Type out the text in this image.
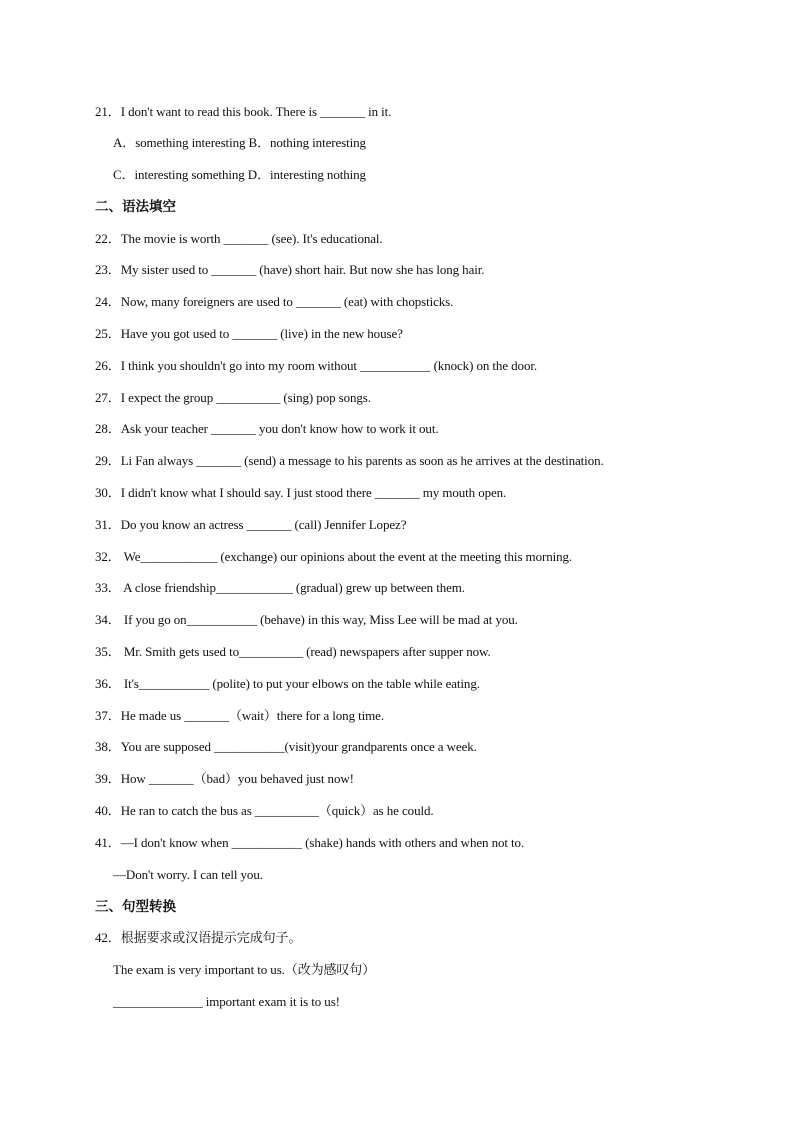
21．I don't want to read this book. There is _______ in it.
A．something interesting B．nothing interesting
C．interesting something D．interesting nothing
二、语法填空
22．The movie is worth _______ (see). It's educational.
23．My sister used to _______ (have) short hair. But now she has long hair.
24．Now, many foreigners are used to _______ (eat) with chopsticks.
25．Have you got used to _______ (live) in the new house?
26．I think you shouldn't go into my room without ___________ (knock) on the door.
27．I expect the group __________ (sing) pop songs.
28．Ask your teacher _______ you don't know how to work it out.
29．Li Fan always _______ (send) a message to his parents as soon as he arrives at the destination.
30．I didn't know what I should say. I just stood there _______ my mouth open.
31．Do you know an actress _______ (call) Jennifer Lopez?
32． We____________ (exchange) our opinions about the event at the meeting this morning.
33． A close friendship____________ (gradual) grew up between them.
34． If you go on___________ (behave) in this way, Miss Lee will be mad at you.
35． Mr. Smith gets used to__________ (read) newspapers after supper now.
36． It's___________ (polite) to put your elbows on the table while eating.
37．He made us _______（wait）there for a long time.
38．You are supposed ___________(visit)your grandparents once a week.
39．How _______（bad）you behaved just now!
40．He ran to catch the bus as __________（quick）as he could.
41．—I don't know when ___________ (shake) hands with others and when not to.
—Don't worry. I can tell you.
三、句型转换
42．根据要求或汉语提示完成句子。
The exam is very important to us.（改为感叹句）
______________ important exam it is to us!
